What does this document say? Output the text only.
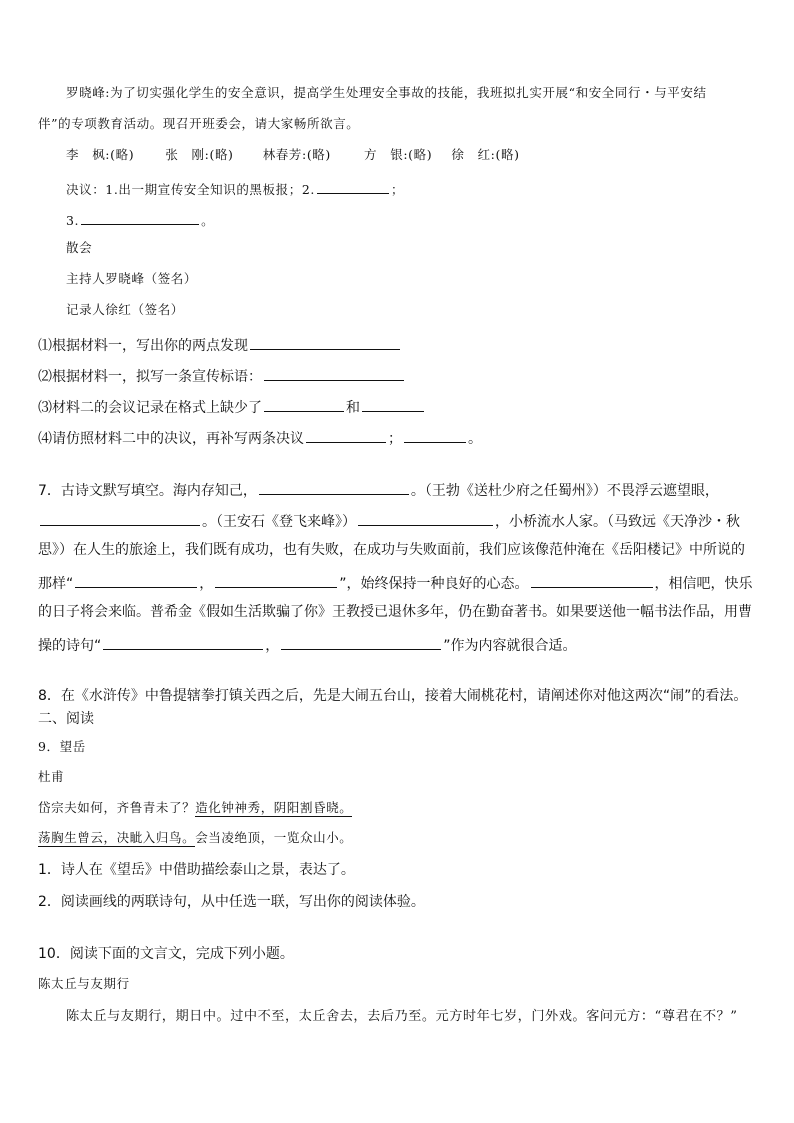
罗晓峰:为了切实强化学生的安全意识，提高学生处理安全事故的技能，我班拟扎实开展“和安全同行・与平安结
伴”的专项教育活动。现召开班委会，请大家畅所欲言。
李　枫:(略) 张　刚:(略) 林春芳:(略)	方　银:(略) 徐　红:(略)
决议：1.出一期宣传安全知识的黑板报；2.	；
3.	。
散会
主持人罗晓峰（签名）
记录人徐红（签名）
⑴根据材料一，写出你的两点发现
⑵根据材料一，拟写一条宣传标语：
⑶材料二的会议记录在格式上缺少了	和
⑷请仿照材料二中的决议，再补写两条决议	；	。
7．古诗文默写填空。海内存知己，	。（王勃《送杜少府之任蜀州》）不畏浮云遮望眼，
。（王安石《登飞来峰》）	，小桥流水人家。（马致远《天净沙・秋
思》）在人生的旅途上，我们既有成功，也有失败，在成功与失败面前，我们应该像范仲淹在《岳阳楼记》中所说的
那样“	，	”，始终保持一种良好的心态。	，相信吧，快乐
的日子将会来临。普希金《假如生活欺骗了你》王教授已退休多年，仍在勤奋著书。如果要送他一幅书法作品，用曹
操的诗句“	，	”作为内容就很合适。
8．在《水浒传》中鲁提辖拳打镇关西之后，先是大闹五台山，接着大闹桃花村，请阐述你对他这两次“闹”的看法。
二、阅读
9．望岳
杜甫
岱宗夫如何，齐鲁青未了？造化钟神秀，阴阳割昏晓。
荡胸生曾云，决眦入归鸟。会当凌绝顶，一览众山小。
1．诗人在《望岳》中借助描绘泰山之景，表达了。
2．阅读画线的两联诗句，从中任选一联，写出你的阅读体验。
10．阅读下面的文言文，完成下列小题。
陈太丘与友期行
陈太丘与友期行，期日中。过中不至，太丘舍去，去后乃至。元方时年七岁，门外戏。客问元方：“尊君在不？”
